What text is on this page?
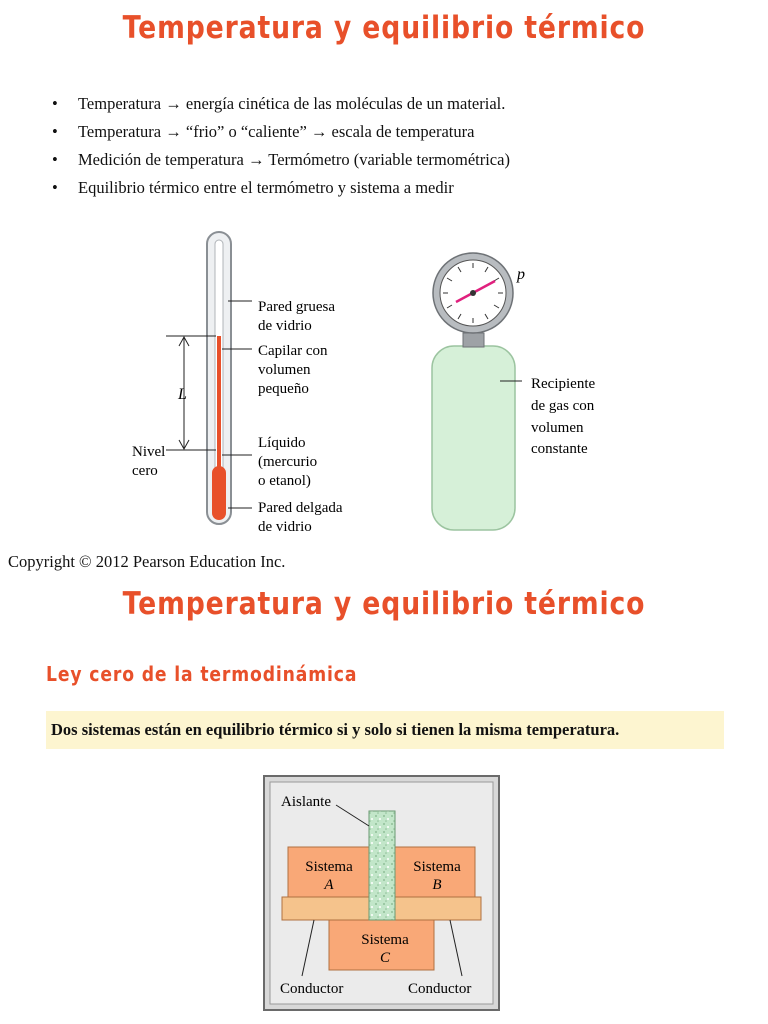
Temperatura y equilibrio térmico
• Temperatura → energía cinética de las moléculas de un material.
• Temperatura → “frio” o “caliente” → escala de temperatura
• Medición de temperatura → Termómetro (variable termométrica)
• Equilibrio térmico entre el termómetro y sistema a medir
L
Pared gruesa
de vidrio
Capilar con
volumen
pequeño
Líquido
(mercurio
o etanol)
Pared delgada
de vidrio
Nivel
cero
p
Recipiente
de gas con
volumen
constante
Copyright © 2012 Pearson Education Inc.
Temperatura y equilibrio térmico
Ley cero de la termodinámica
Dos sistemas están en equilibrio térmico si y solo si tienen la misma temperatura.
Aislante
Sistema
A
Sistema
B
Sistema
C
Conductor	Conductor
